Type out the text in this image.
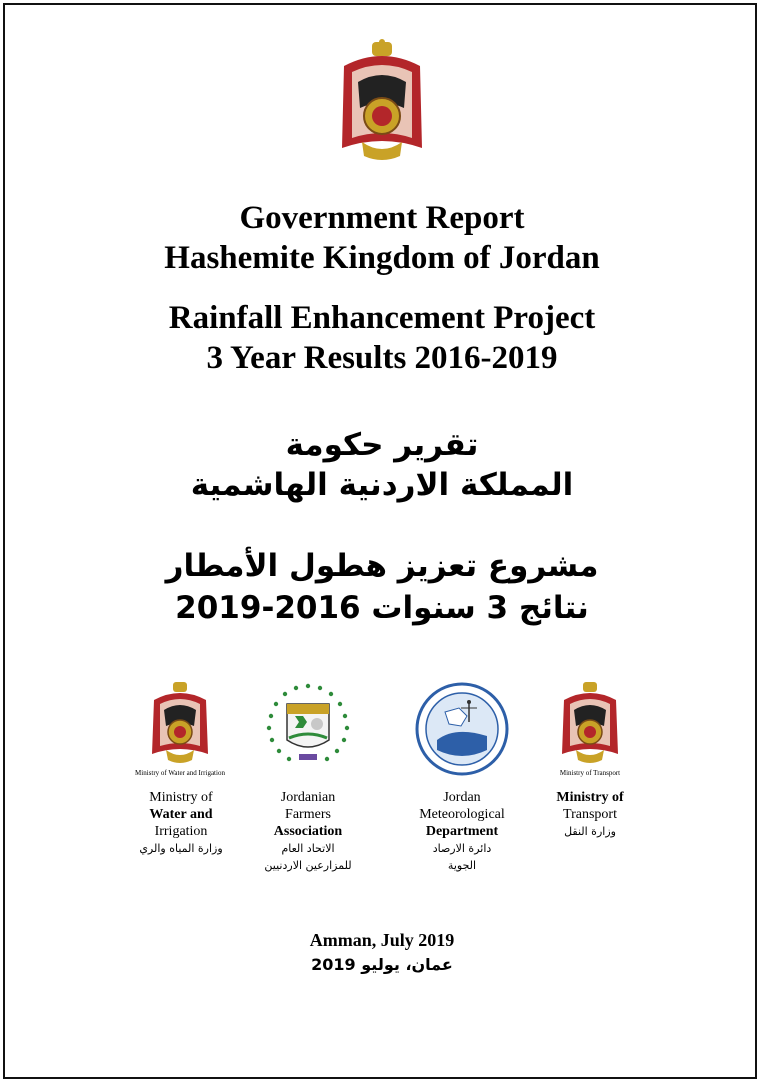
Government Report
Hashemite Kingdom of Jordan
Rainfall Enhancement Project
3 Year Results 2016-2019
تقرير حكومة
المملكة الاردنية الهاشمية
مشروع تعزيز هطول الأمطار
نتائج 3 سنوات 2016-2019
Ministry of Water and Irrigation	Ministry of Transport
Ministry of
Water and
Irrigation
وزارة المياه والري
Jordanian
Farmers
Association
الاتحاد العام
للمزارعين الاردنيين
Jordan
Meteorological
Department
دائرة الارصاد
الجوية
Ministry of
Transport
وزارة النقل
Amman, July 2019
عمان، يوليو 2019
